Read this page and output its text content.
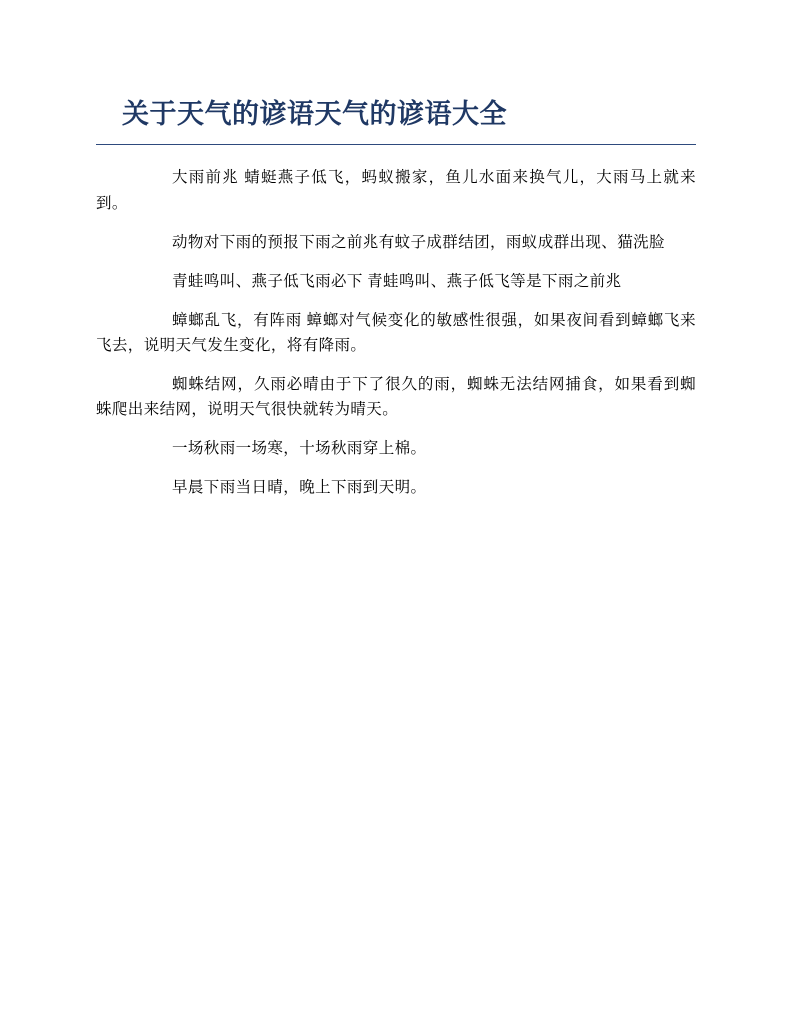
关于天气的谚语天气的谚语大全

大雨前兆 蜻蜓燕子低飞，蚂蚁搬家，鱼儿水面来换气儿，大雨马上就来到。

动物对下雨的预报下雨之前兆有蚊子成群结团，雨蚁成群出现、猫洗脸

青蛙鸣叫、燕子低飞雨必下 青蛙鸣叫、燕子低飞等是下雨之前兆

蟑螂乱飞，有阵雨 蟑螂对气候变化的敏感性很强，如果夜间看到蟑螂飞来飞去，说明天气发生变化，将有降雨。

蜘蛛结网，久雨必晴由于下了很久的雨，蜘蛛无法结网捕食，如果看到蜘蛛爬出来结网，说明天气很快就转为晴天。

一场秋雨一场寒，十场秋雨穿上棉。

早晨下雨当日晴，晚上下雨到天明。
